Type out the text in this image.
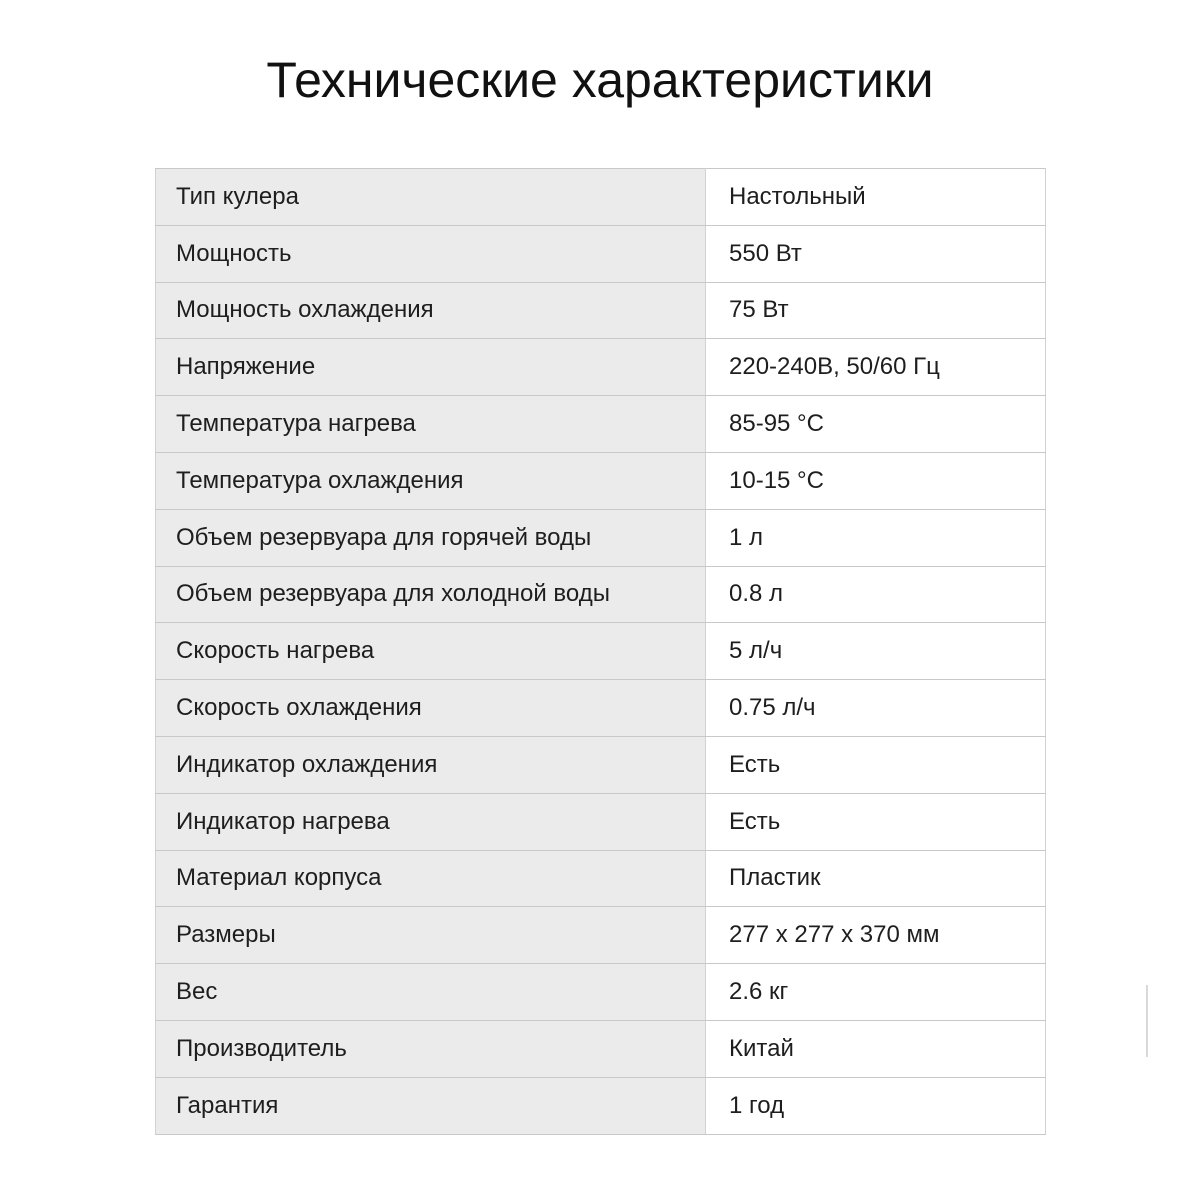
Технические характеристики
Тип кулера	Настольный
Мощность	550 Вт
Мощность охлаждения	75 Вт
Напряжение	220-240В, 50/60 Гц
Температура нагрева	85-95 °С
Температура охлаждения	10-15 °С
Объем резервуара для горячей воды	1 л
Объем резервуара для холодной воды	0.8 л
Скорость нагрева	5 л/ч
Скорость охлаждения	0.75 л/ч
Индикатор охлаждения	Есть
Индикатор нагрева	Есть
Материал корпуса	Пластик
Размеры	277 x 277 x 370 мм
Вес	2.6 кг
Производитель	Китай
Гарантия	1 год
